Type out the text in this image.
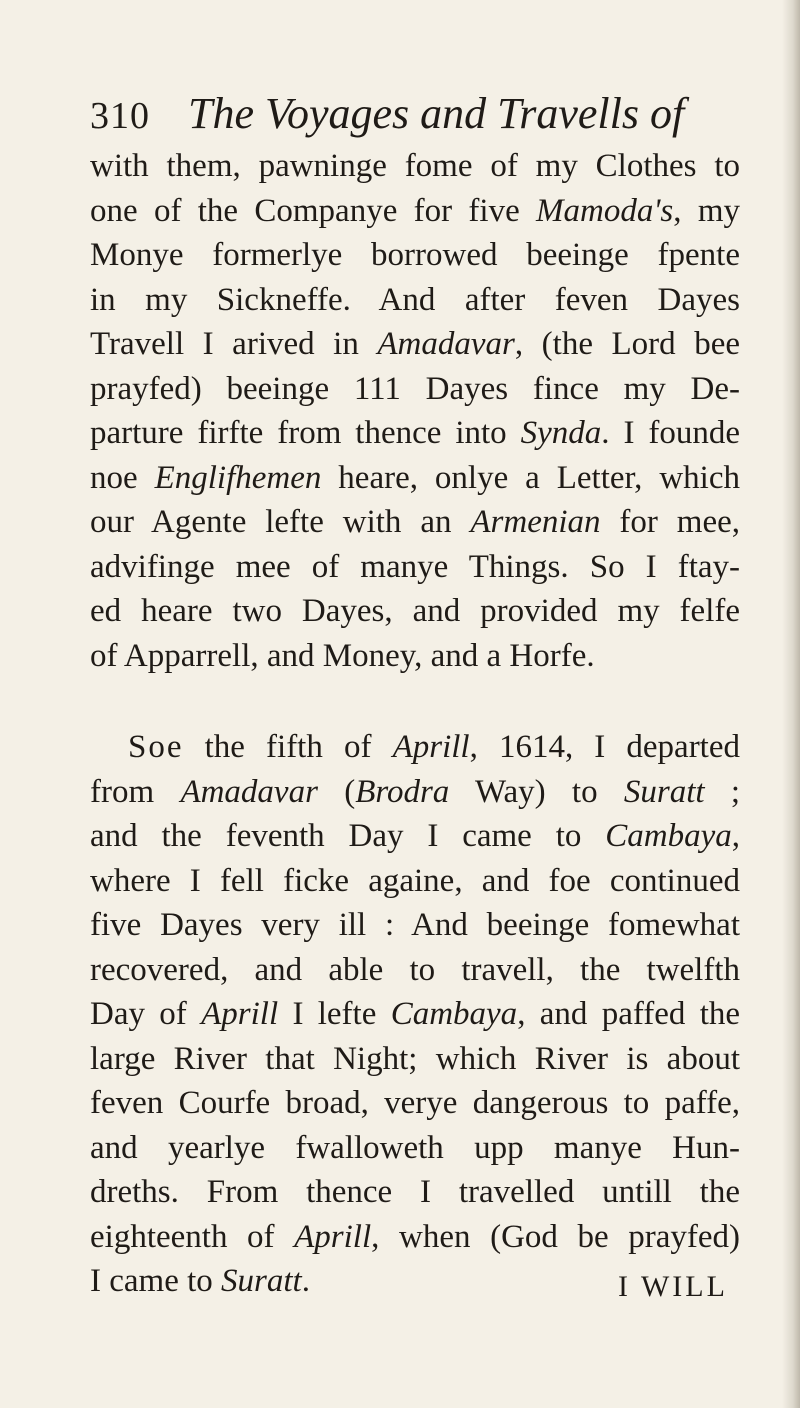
310 The Voyages and Travells of
with them, pawninge fome of my Clothes to
one of the Companye for five Mamoda's, my
Monye formerlye borrowed beeinge fpente
in my Sickneffe. And after feven Dayes
Travell I arived in Amadavar, (the Lord bee
prayfed) beeinge 111 Dayes fince my De-
parture firfte from thence into Synda. I founde
noe Englifhemen heare, onlye a Letter, which
our Agente lefte with an Armenian for mee,
advifinge mee of manye Things. So I ftay-
ed heare two Dayes, and provided my felfe
of Apparrell, and Money, and a Horfe.
Soe the fifth of Aprill, 1614, I departed
from Amadavar (Brodra Way) to Suratt ;
and the feventh Day I came to Cambaya,
where I fell ficke againe, and foe continued
five Dayes very ill : And beeinge fomewhat
recovered, and able to travell, the twelfth
Day of Aprill I lefte Cambaya, and paffed the
large River that Night; which River is about
feven Courfe broad, verye dangerous to paffe,
and yearlye fwalloweth upp manye Hun-
dreths. From thence I travelled untill the
eighteenth of Aprill, when (God be prayfed)
I came to Suratt.	I WILL
